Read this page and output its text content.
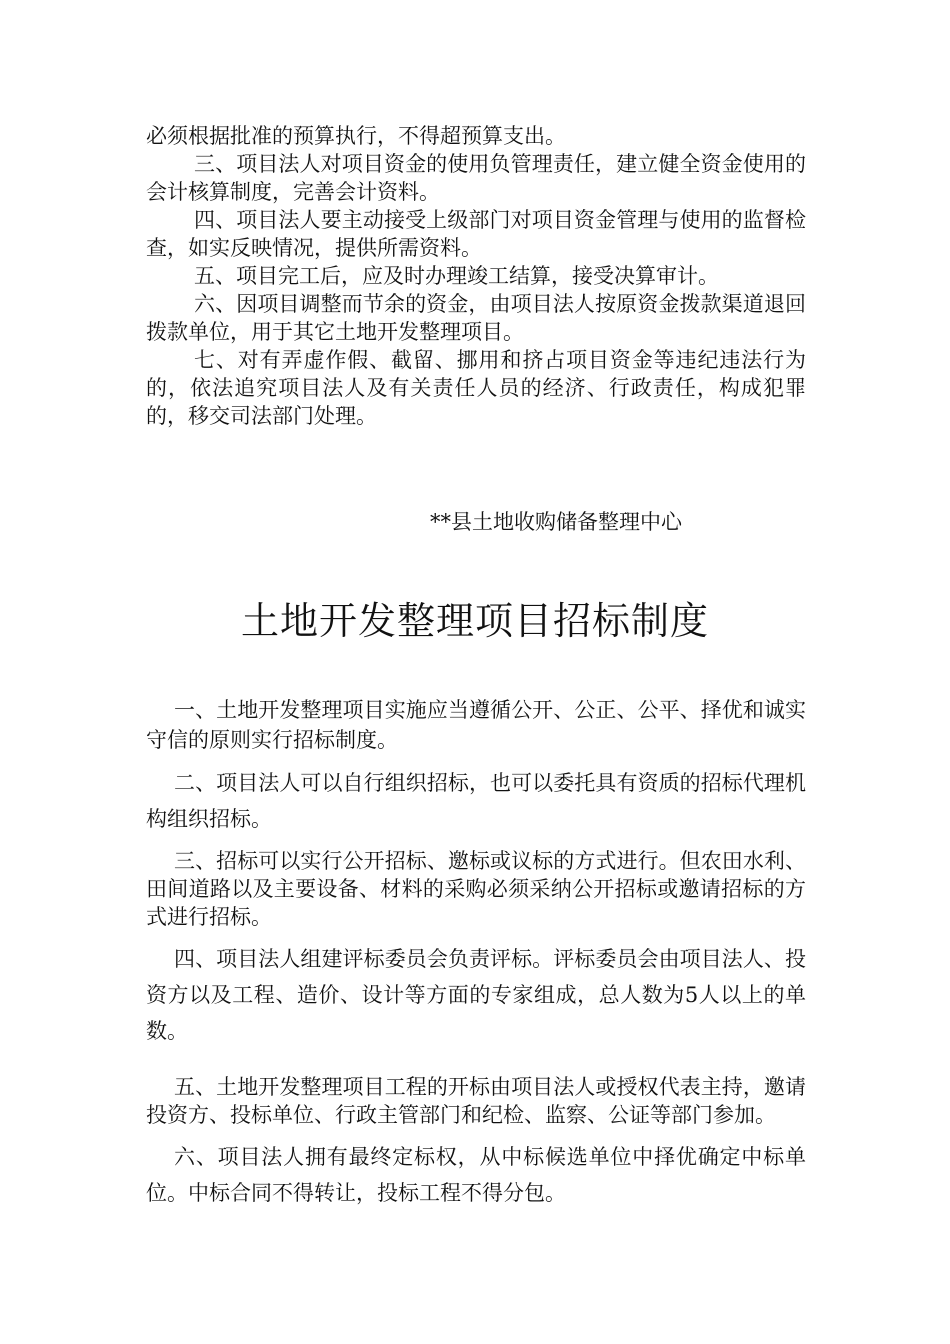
必须根据批准的预算执行，不得超预算支出。

三、项目法人对项目资金的使用负管理责任，建立健全资金使用的会计核算制度，完善会计资料。

四、项目法人要主动接受上级部门对项目资金管理与使用的监督检查，如实反映情况，提供所需资料。

五、项目完工后，应及时办理竣工结算，接受决算审计。

六、因项目调整而节余的资金，由项目法人按原资金拨款渠道退回拨款单位，用于其它土地开发整理项目。

七、对有弄虚作假、截留、挪用和挤占项目资金等违纪违法行为的，依法追究项目法人及有关责任人员的经济、行政责任，构成犯罪的，移交司法部门处理。

**县土地收购储备整理中心
土地开发整理项目招标制度

一、土地开发整理项目实施应当遵循公开、公正、公平、择优和诚实守信的原则实行招标制度。

二、项目法人可以自行组织招标，也可以委托具有资质的招标代理机构组织招标。

三、招标可以实行公开招标、邀标或议标的方式进行。但农田水利、田间道路以及主要设备、材料的采购必须采纳公开招标或邀请招标的方式进行招标。

四、项目法人组建评标委员会负责评标。评标委员会由项目法人、投资方以及工程、造价、设计等方面的专家组成，总人数为5人以上的单数。

五、土地开发整理项目工程的开标由项目法人或授权代表主持，邀请投资方、投标单位、行政主管部门和纪检、监察、公证等部门参加。

六、项目法人拥有最终定标权，从中标候选单位中择优确定中标单位。中标合同不得转让，投标工程不得分包。
